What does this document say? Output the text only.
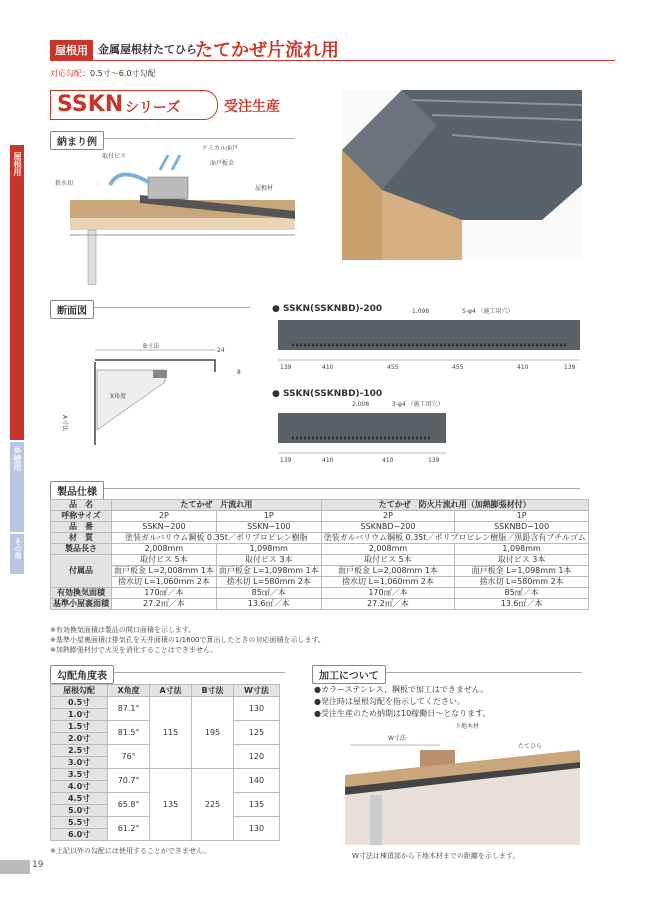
屋根用 金属屋根材たてひら
たてかぜ片流れ用
対応勾配：0.5寸〜6.0寸勾配
SSKN シリーズ	受注生産
屋根用
外壁用
その他
納まり例
取付ビス
ケミカル面戸
面戸板金
捨水切
屋根材
断面図
B寸法
24
8
X角度
A寸法
● SSKN(SSKNBD)-200	1,098	5-φ4 （施工用穴）
139	410	455	455	410	139
● SSKN(SSKNBD)-100
2,008	3-φ4 （施工用穴）
139	410	410	139
製品仕様
品　名	たてかぜ　片流れ用		たてかぜ　防火片流れ用（加熱膨張材付）	
呼称サイズ	2P	1P	2P	1P
品　番	SSKN−200	SSKN−100	SSKNBD−200	SSKNBD−100
材　質	塗装ガルバリウム鋼板 0.35t／ポリプロピレン樹脂		塗装ガルバリウム鋼板 0.35t／ポリプロピレン樹脂／黒鉛含有ブチルゴム	
製品長さ	2,008mm	1,098mm	2,008mm	1,098mm
付属品	取付ビス 5本	取付ビス 3本	取付ビス 5本	取付ビス 3本
	面戸板金 L=2,008mm 1本	面戸板金 L=1,098mm 1本	面戸板金 L=2,008mm 1本	面戸板金 L=1,098mm 1本
	捨水切 L=1,060mm 2本	捨水切 L=580mm 2本	捨水切 L=1,060mm 2本	捨水切 L=580mm 2本
有効換気面積	170㎠／本	85㎠／本	170㎠／本	85㎠／本
基準小屋裏面積	27.2㎡／本	13.6㎡／本	27.2㎡／本	13.6㎡／本
※有効換気面積は製品の開口面積を示します。
※基準小屋裏面積は排気孔を天井面積の1/1600で算出したときの対応面積を示します。
※加熱膨張材付で火災を消化することはできません。
勾配角度表
屋根勾配	X角度	A寸法	B寸法	W寸法
0.5寸	87.1°	115	195	130
1.0寸				
1.5寸	81.5°			125
2.0寸				
2.5寸	76°			120
3.0寸				
3.5寸	70.7°	135	225	140
4.0寸				
4.5寸	65.8°			135
5.0寸				
5.5寸	61.2°			130
6.0寸				
※上記以外の勾配には使用することができません。
加工について
●カラーステンレス、鋼板で加工はできません。
●発注時は屋根勾配を指示してください。
●受注生産のため納期は10稼働日〜となります。
W寸法
下地木材
たてひら
W寸法は棟頂部から下地木材までの距離を示します。
19
